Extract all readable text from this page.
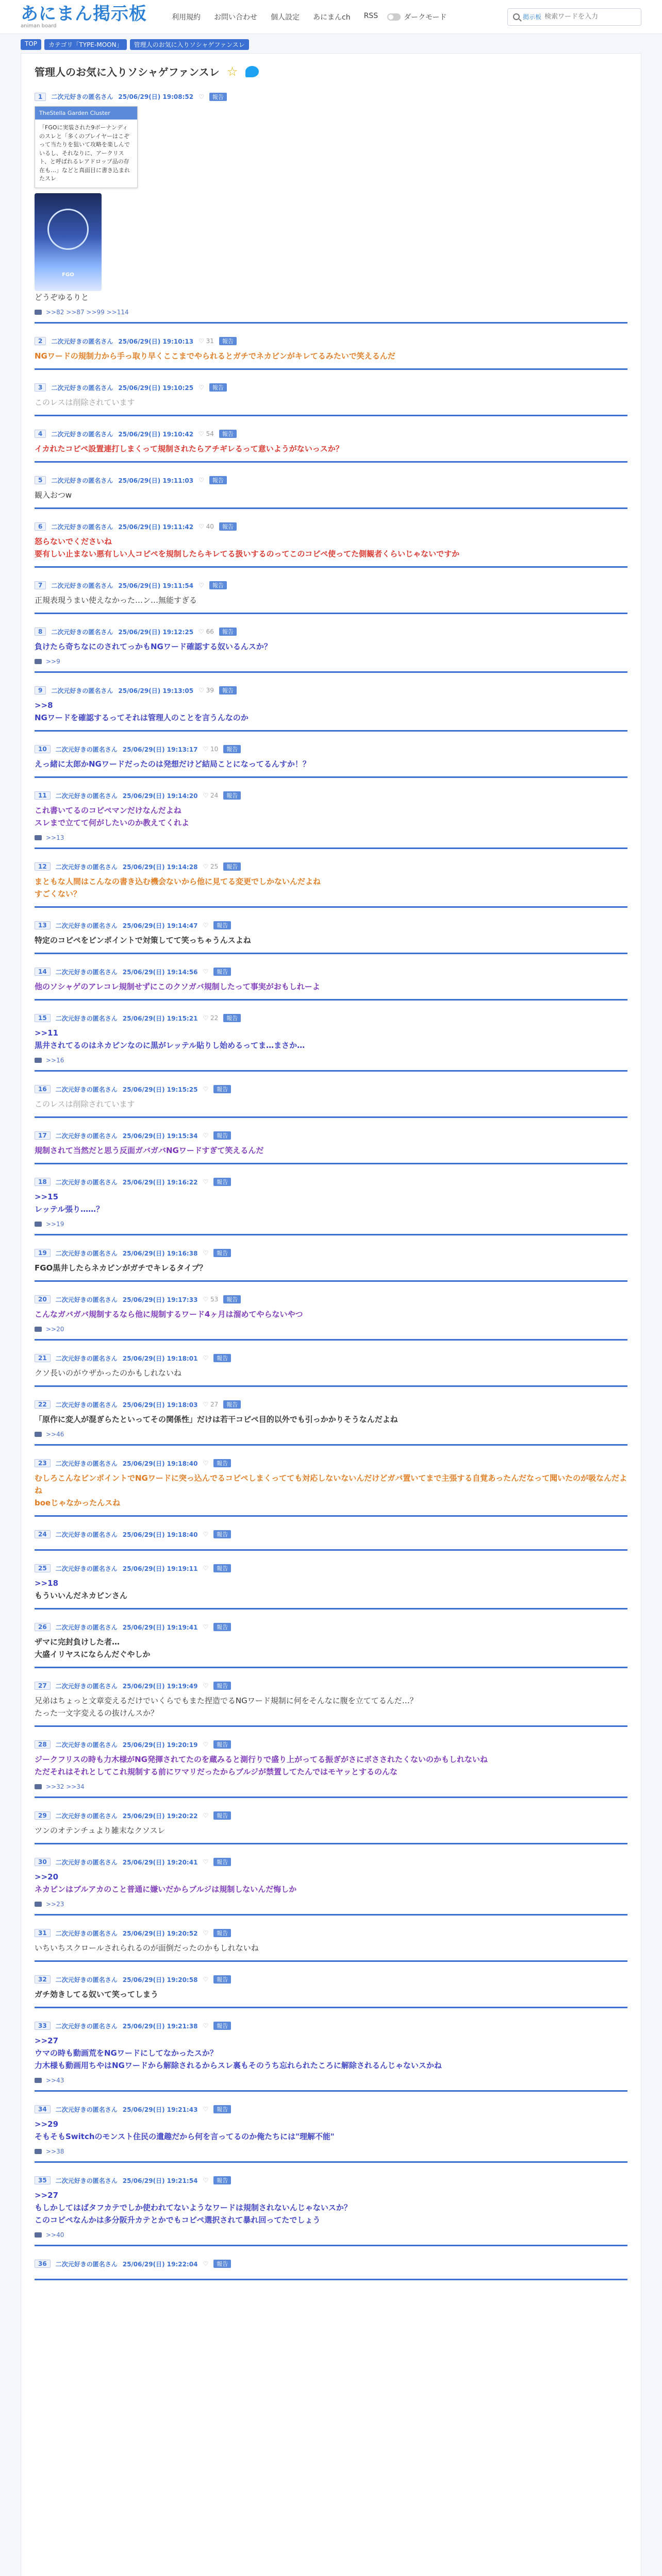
あにまん掲示板
animan board
利用規約 お問い合わせ 個人設定 あにまんch RSS	ダークモード	掲示板
検索ワードを入力
TOP	カテゴリ「TYPE-MOON」	管理人のお気に入りソシャゲファンスレ
管理人のお気に入りソシャゲファンスレ ☆
1	二次元好きの匿名さん 25/06/29(日) 19:08:52 ♡	報告
TheStella Garden Cluster
「FGOに実装された9ボーナンディのスレと「多くのプレイヤーはこぞって当たりを狙いて攻略を楽しんでいるし、それなりに、アークリスト、と呼ばれるレアドロップ品の存在も…」などと真面目に書き込まれたスレ
FGO
どうぞゆるりと
>>82 >>87 >>99 >>114
2	二次元好きの匿名さん 25/06/29(日) 19:10:13 ♡ 31	報告
NGワードの規制力から手っ取り早くここまでやられるとガチでネカピンがキレてるみたいで笑えるんだ
3	二次元好きの匿名さん 25/06/29(日) 19:10:25 ♡	報告
このレスは削除されています
4	二次元好きの匿名さん 25/06/29(日) 19:10:42 ♡ 54	報告
イカれたコピペ設置連打しまくって規制されたらアチギレるって意いようがないっスか？
5	二次元好きの匿名さん 25/06/29(日) 19:11:03 ♡	報告
観入おつw
6	二次元好きの匿名さん 25/06/29(日) 19:11:42 ♡ 40	報告
怒らないでくださいね
要有しい止まない悪有しい人コピペを規制したらキレてる扱いするのってこのコピペ使ってた側観者くらいじゃないですか
7	二次元好きの匿名さん 25/06/29(日) 19:11:54 ♡	報告
正規表現うまい使えなかった…ン…無能すぎる
8	二次元好きの匿名さん 25/06/29(日) 19:12:25 ♡ 66	報告
負けたら奇ちなにのされてっかもNGワード確認する奴いるんスか？
>>9
9	二次元好きの匿名さん 25/06/29(日) 19:13:05 ♡ 39	報告
>>8
NGワードを確認するってそれは管理人のことを言うんなのか
10	二次元好きの匿名さん 25/06/29(日) 19:13:17 ♡ 10	報告
えっ緒に太郎かNGワードだったのは発想だけど結局ことになってるんすか！？
11	二次元好きの匿名さん 25/06/29(日) 19:14:20 ♡ 24	報告
これ書いてるのコピペマンだけなんだよね
スレまで立てて何がしたいのか教えてくれよ
>>13
12	二次元好きの匿名さん 25/06/29(日) 19:14:28 ♡ 25	報告
まともな人間はこんなの書き込む機会ないから他に見てる変更でしかないんだよね
すごくない？
13	二次元好きの匿名さん 25/06/29(日) 19:14:47 ♡	報告
特定のコピペをピンポイントで対策してて笑っちゃうんスよね
14	二次元好きの匿名さん 25/06/29(日) 19:14:56 ♡	報告
他のソシャゲのアレコレ規制せずにこのクソガバ規制したって事実がおもしれーよ
15	二次元好きの匿名さん 25/06/29(日) 19:15:21 ♡ 22	報告
>>11
黒井されてるのはネカピンなのに黒がレッテル貼りし始めるってま…まさか…
>>16
16	二次元好きの匿名さん 25/06/29(日) 19:15:25 ♡	報告
このレスは削除されています
17	二次元好きの匿名さん 25/06/29(日) 19:15:34 ♡	報告
規制されて当然だと思う反面ガバガバNGワードすぎて笑えるんだ
18	二次元好きの匿名さん 25/06/29(日) 19:16:22 ♡	報告
>>15
レッテル張り……？
>>19
19	二次元好きの匿名さん 25/06/29(日) 19:16:38 ♡	報告
FGO黒井したらネカピンがガチでキレるタイプ？
20	二次元好きの匿名さん 25/06/29(日) 19:17:33 ♡ 53	報告
こんなガバガバ規制するなら他に規制するワード4ヶ月は溜めてやらないやつ
>>20
21	二次元好きの匿名さん 25/06/29(日) 19:18:01 ♡	報告
クソ長いのがウザかったのかもしれないね
22	二次元好きの匿名さん 25/06/29(日) 19:18:03 ♡ 27	報告
「原作に変人が混ぎらたといってその関係性」だけは若干コピペ目的以外でも引っかかりそうなんだよね
>>46
23	二次元好きの匿名さん 25/06/29(日) 19:18:40 ♡	報告
むしろこんなピンポイントでNGワードに突っ込んでるコピペしまくってても対応しないないんだけどガバ置いてまで主張する自覚あったんだなって聞いたのが吸なんだよね
boeじゃなかったんスね
24	二次元好きの匿名さん 25/06/29(日) 19:18:40 ♡	報告
25	二次元好きの匿名さん 25/06/29(日) 19:19:11 ♡	報告
>>18
もういいんだネカピンさん
26	二次元好きの匿名さん 25/06/29(日) 19:19:41 ♡	報告
ザマに完封負けした者…
大盛イリヤスにならんだぐやしか
27	二次元好きの匿名さん 25/06/29(日) 19:19:49 ♡	報告
兄弟はちょっと文章変えるだけでいくらでもまた捏造でるNGワード規制に何をそんなに腹を立ててるんだ…？
たった一文字変えるの抜けんスか？
28	二次元好きの匿名さん 25/06/29(日) 19:20:19 ♡	報告
ジークフリスの時も力木様がNG発揮されてたのを蔵みると測行りで盛り上がってる振ぎがさにボさされたくないのかもしれないね
ただそれはそれとしてこれ規制する前にワマリだったからブルジが禁置してたんではモヤッとするのんな
>>32 >>34
29	二次元好きの匿名さん 25/06/29(日) 19:20:22 ♡	報告
ツンのオテンチュより雑末なクソスレ
30	二次元好きの匿名さん 25/06/29(日) 19:20:41 ♡	報告
>>20
ネカピンはブルアカのこと普通に嫌いだからブルジは規制しないんだ悔しか
>>23
31	二次元好きの匿名さん 25/06/29(日) 19:20:52 ♡	報告
いちいちスクロールされられるのが面倒だったのかもしれないね
32	二次元好きの匿名さん 25/06/29(日) 19:20:58 ♡	報告
ガチ効きしてる奴いて笑ってしまう
33	二次元好きの匿名さん 25/06/29(日) 19:21:38 ♡	報告
>>27
ウマの時も動画荒をNGワードにしてなかったスか？
力木様も動画用ちやはNGワードから解除されるからスレ裏もそのうち忘れられたころに解除されるんじゃないスかね
>>43
34	二次元好きの匿名さん 25/06/29(日) 19:21:43 ♡	報告
>>29
そもそもSwitchのモンスト住民の遺趣だから何を言ってるのか俺たちには"理解不能"
>>38
35	二次元好きの匿名さん 25/06/29(日) 19:21:54 ♡	報告
>>27
もしかしてはばタフカテでしか使われてないようなワードは規制されないんじゃないスか？
このコピペなんかは多分阪升カテとかでもコピペ選択されて暴れ回ってたでしょう
>>40
36	二次元好きの匿名さん 25/06/29(日) 19:22:04 ♡	報告
